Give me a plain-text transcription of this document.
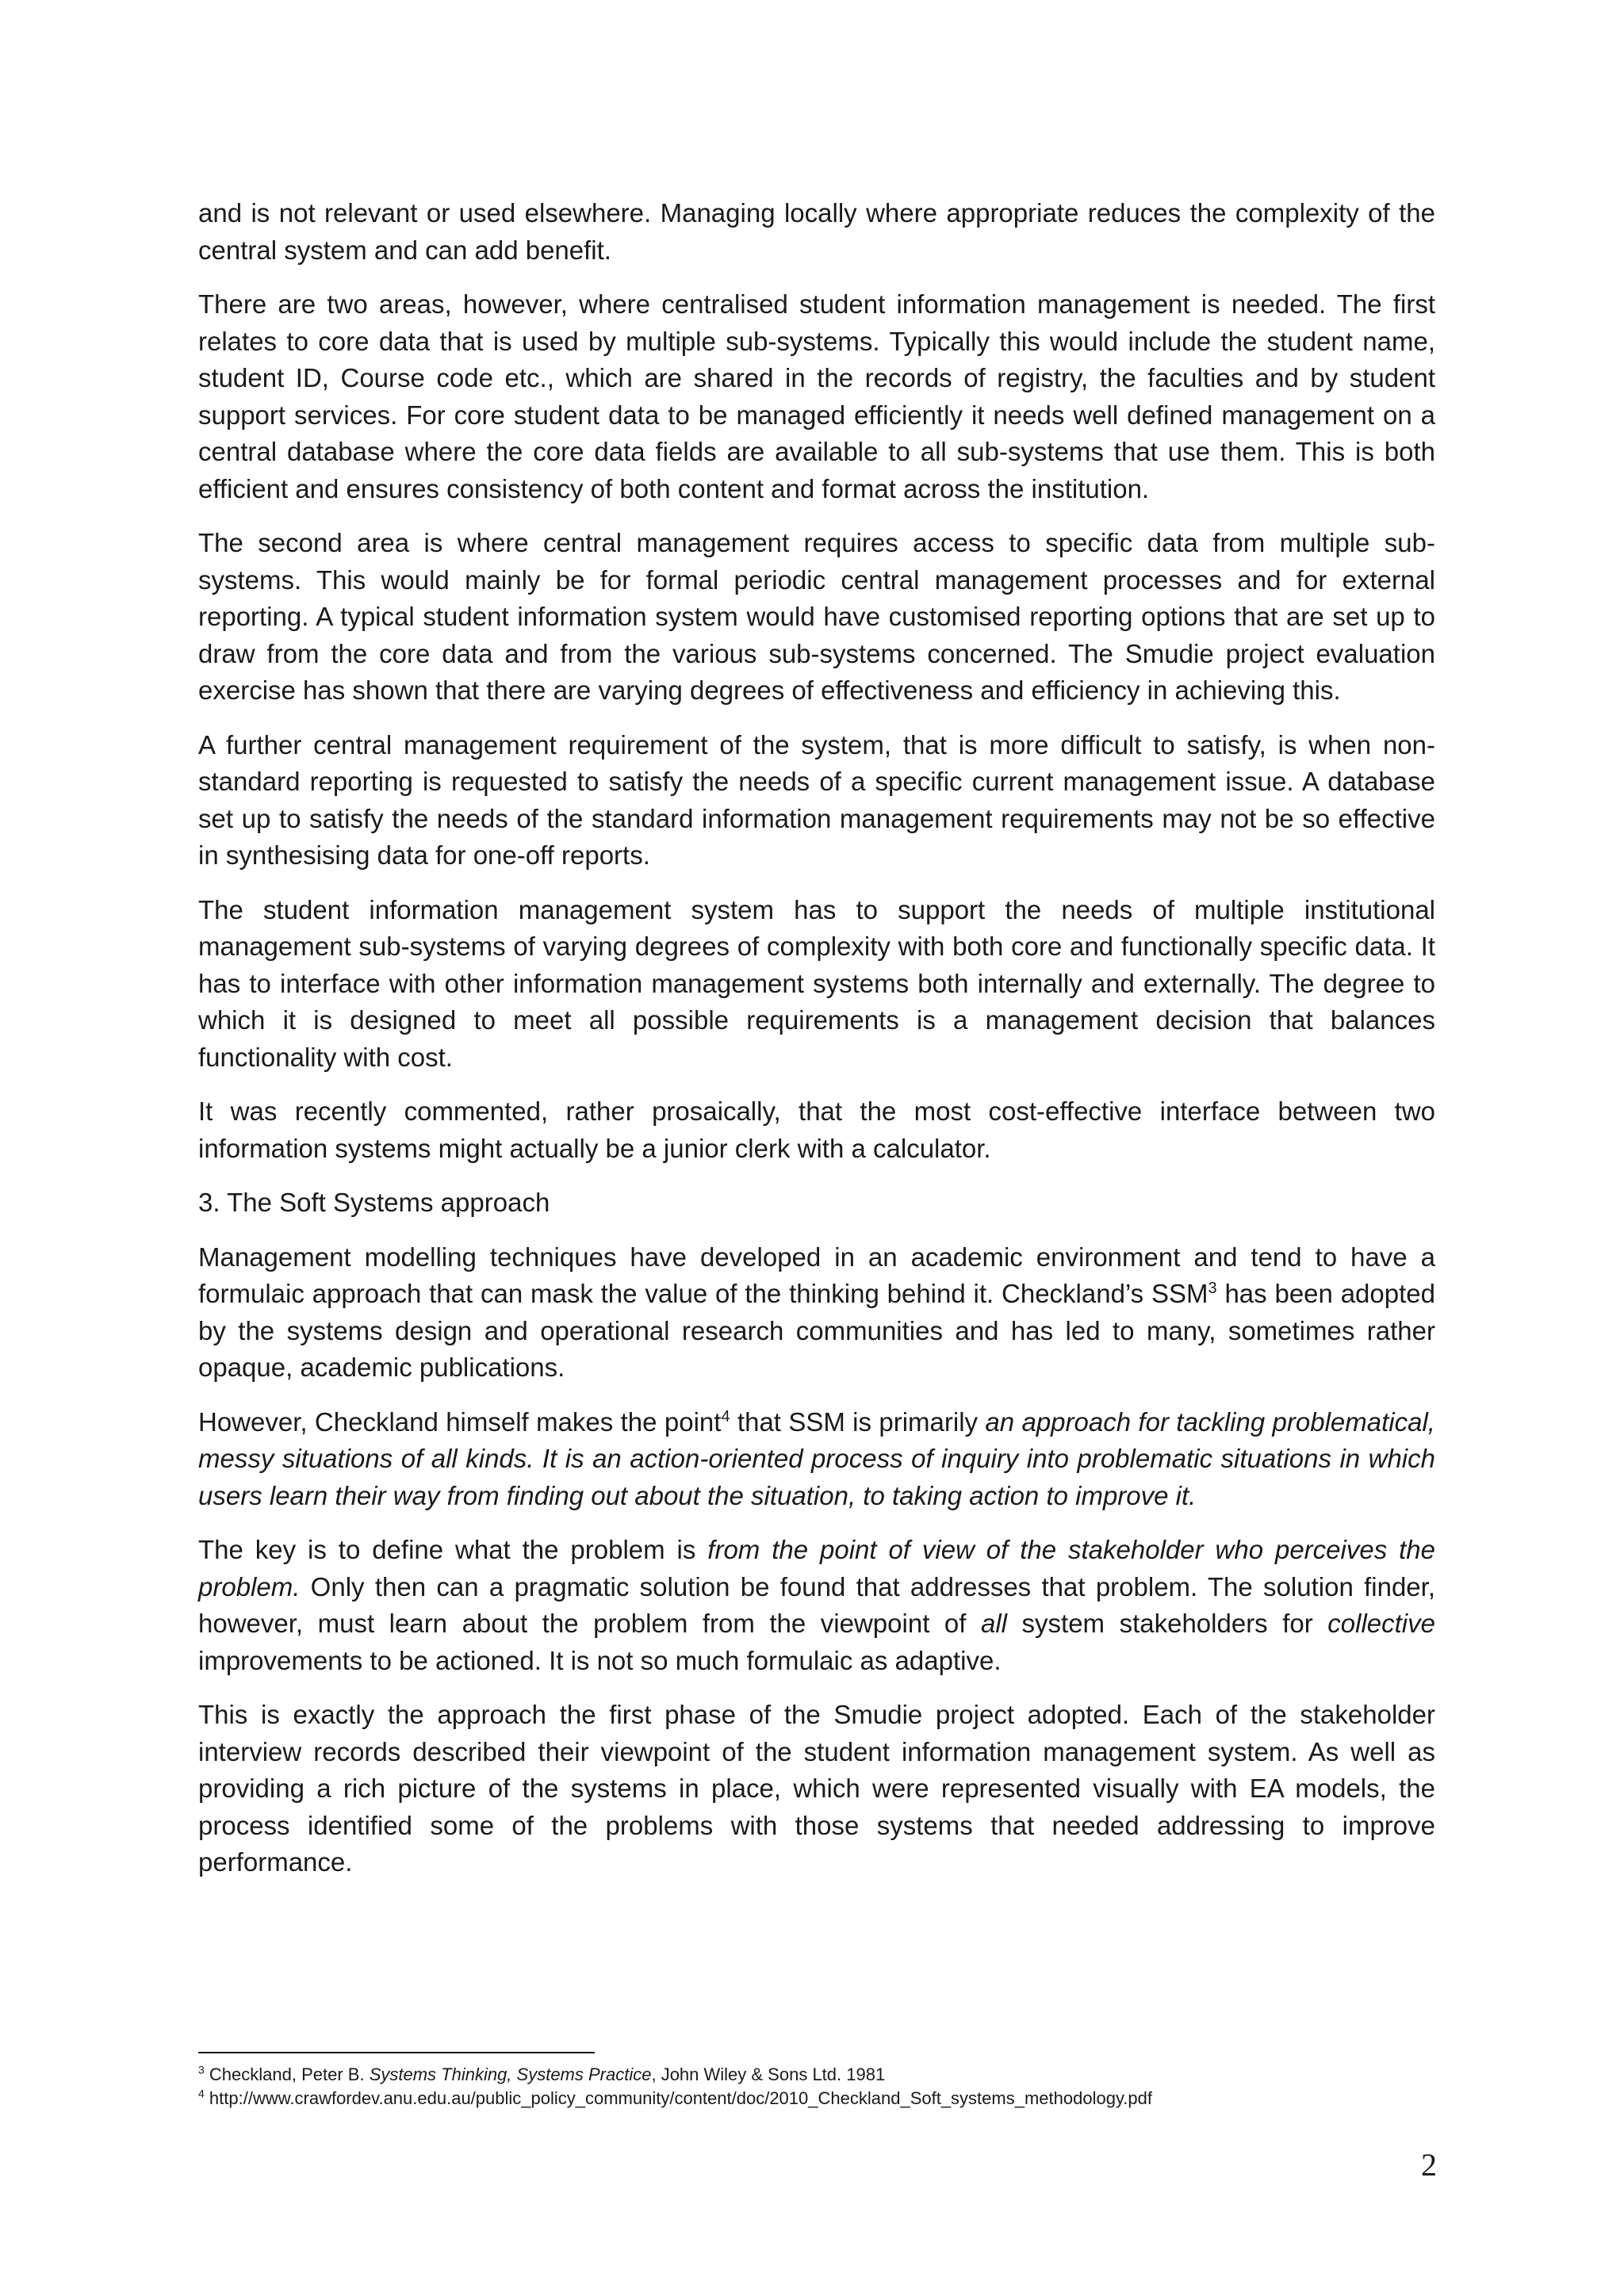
and is not relevant or used elsewhere. Managing locally where appropriate reduces the complexity of the central system and can add benefit.

There are two areas, however, where centralised student information management is needed. The first relates to core data that is used by multiple sub-systems. Typically this would include the student name, student ID, Course code etc., which are shared in the records of registry, the faculties and by student support services. For core student data to be managed efficiently it needs well defined management on a central database where the core data fields are available to all sub-systems that use them. This is both efficient and ensures consistency of both content and format across the institution.

The second area is where central management requires access to specific data from multiple sub-systems. This would mainly be for formal periodic central management processes and for external reporting. A typical student information system would have customised reporting options that are set up to draw from the core data and from the various sub-systems concerned. The Smudie project evaluation exercise has shown that there are varying degrees of effectiveness and efficiency in achieving this.

A further central management requirement of the system, that is more difficult to satisfy, is when non-standard reporting is requested to satisfy the needs of a specific current management issue. A database set up to satisfy the needs of the standard information management requirements may not be so effective in synthesising data for one-off reports.

The student information management system has to support the needs of multiple institutional management sub-systems of varying degrees of complexity with both core and functionally specific data. It has to interface with other information management systems both internally and externally. The degree to which it is designed to meet all possible requirements is a management decision that balances functionality with cost.

It was recently commented, rather prosaically, that the most cost-effective interface between two information systems might actually be a junior clerk with a calculator.

3. The Soft Systems approach

Management modelling techniques have developed in an academic environment and tend to have a formulaic approach that can mask the value of the thinking behind it. Checkland’s SSM$^3$ has been adopted by the systems design and operational research communities and has led to many, sometimes rather opaque, academic publications.

However, Checkland himself makes the point$^4$ that SSM is primarily an approach for tackling problematical, messy situations of all kinds. It is an action-oriented process of inquiry into problematic situations in which users learn their way from finding out about the situation, to taking action to improve it.

The key is to define what the problem is from the point of view of the stakeholder who perceives the problem. Only then can a pragmatic solution be found that addresses that problem. The solution finder, however, must learn about the problem from the viewpoint of all system stakeholders for collective improvements to be actioned. It is not so much formulaic as adaptive.

This is exactly the approach the first phase of the Smudie project adopted. Each of the stakeholder interview records described their viewpoint of the student information management system. As well as providing a rich picture of the systems in place, which were represented visually with EA models, the process identified some of the problems with those systems that needed addressing to improve performance.

$^3$ Checkland, Peter B. Systems Thinking, Systems Practice, John Wiley & Sons Ltd. 1981
$^4$ http://www.crawfordev.anu.edu.au/public_policy_community/content/doc/2010_Checkland_Soft_systems_methodology.pdf
2
